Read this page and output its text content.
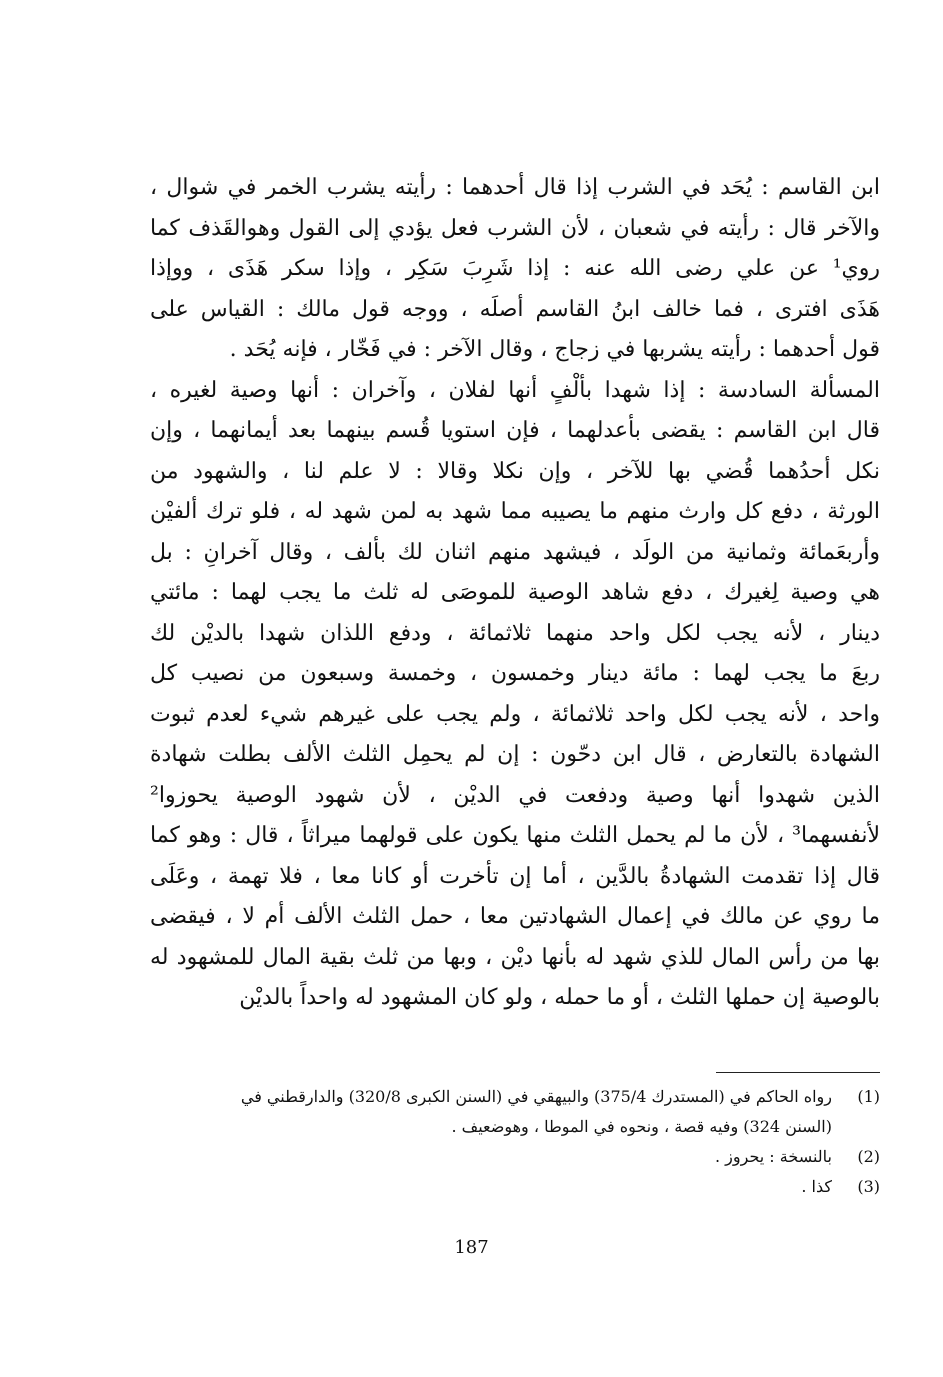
ابن القاسم : يُحَد في الشرب إذا قال أحدهما : رأيته يشرب الخمر في شوال ،
والآخر قال : رأيته في شعبان ، لأن الشرب فعل يؤدي إلى القول وهوالقَذف كما
روي¹ عن علي رضى الله عنه : إذا شَرِبَ سَكِر ، وإذا سكر هَذَى ، ووإذا
هَذَى افترى ، فما خالف ابنُ القاسم أصلَه ، ووجه قول مالك : القياس على
قول أحدهما : رأيته يشربها في زجاج ، وقال الآخر : في فَخّار ، فإنه يُحَد .
المسألة السادسة : إذا شهدا بألْفٍ أنها لفلان ، وآخران : أنها وصية لغيره ،
قال ابن القاسم : يقضى بأعدلهما ، فإن استويا قُسم بينهما بعد أيمانهما ، وإن
نكل أحدُهما قُضي بها للآخر ، وإن نكلا وقالا : لا علم لنا ، والشهود من
الورثة ، دفع كل وارث منهم ما يصيبه مما شهد به لمن شهد له ، فلو ترك ألفيْن
وأربعَمائة وثمانية من الولَد ، فيشهد منهم اثنان لك بألف ، وقال آخرانِ : بل
هي وصية لِغيرك ، دفع شاهد الوصية للموصَى له ثلث ما يجب لهما : مائتي
دينار ، لأنه يجب لكل واحد منهما ثلاثمائة ، ودفع اللذان شهدا بالديْن لك
ربعَ ما يجب لهما : مائة دينار وخمسون ، وخمسة وسبعون من نصيب كل
واحد ، لأنه يجب لكل واحد ثلاثمائة ، ولم يجب على غيرهم شيء لعدم ثبوت
الشهادة بالتعارض ، قال ابن دحّون : إن لم يحمِل الثلث الألف بطلت شهادة
الذين شهدوا أنها وصية ودفعت في الديْن ، لأن شهود الوصية يحوزوا²
لأنفسهما³ ، لأن ما لم يحمل الثلث منها يكون على قولهما ميراثاً ، قال : وهو كما
قال إذا تقدمت الشهادةُ بالدَّين ، أما إن تأخرت أو كانا معا ، فلا تهمة ، وعَلَى
ما روي عن مالك في إعمال الشهادتين معا ، حمل الثلث الألف أم لا ، فيقضى
بها من رأس المال للذي شهد له بأنها ديْن ، وبها من ثلث بقية المال للمشهود له
بالوصية إن حملها الثلث ، أو ما حمله ، ولو كان المشهود له واحداً بالديْن
(1)
رواه الحاكم في (المستدرك 375/4) والبيهقي في (السنن الكبرى 320/8) والدارقطني في
(السنن 324) وفيه قصة ، ونحوه في الموطا ، وهوضعيف .
(2)
بالنسخة : يحروز .
(3)
كذا .
187
